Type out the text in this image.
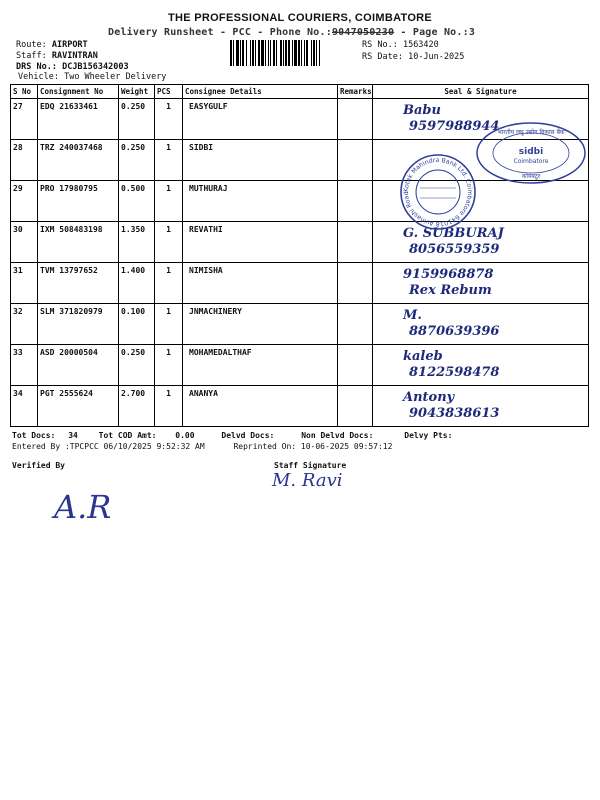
THE PROFESSIONAL COURIERS, COIMBATORE
Delivery Runsheet - PCC - Phone No.:9047050230 - Page No.:3
Route: AIRPORT
Staff: RAVINTRAN
DRS No.: DCJB156342003
Vehicle: Two Wheeler Delivery
RS No.: 1563420
RS Date: 10-Jun-2025
S No	Consignment No	Weight	PCS	Consignee Details	Remarks	Seal & Signature
27	EDQ 21633461	0.250	1	EASYGULF		Babu
9597988944

28	TRZ 240037468	0.250	1	SIDBI		

29	PRO 17980795	0.500	1	MUTHURAJ		

30	IXM 508483198	1.350	1	REVATHI		G. SUBBURAJ
8056559359

31	TVM 13797652	1.400	1	NIMISHA		9159968878
Rex Rebum

32	SLM 371820979	0.100	1	JNMACHINERY		M.
8870639396

33	ASD 20000504	0.250	1	MOHAMEDALTHAF		kaleb
8122598478

34	PGT 2555624	2.700	1	ANANYA		Antony
9043838613
Kotak Mahindra Bank Ltd. Coimbatore 641018 Avinashi Road
भारतीय लघु उद्योग विकास बैंक
sidbi
Coimbatore
कोयंबटूर
Tot Docs: 34	Tot COD Amt: 0.00	Delvd Docs:	Non Delvd Docs:	Delvy Pts:
Entered By :TPCPCC 06/10/2025 9:52:32 AM	Reprinted On: 10-06-2025 09:57:12
Verified By	Staff Signature
A.R
M. Ravi
